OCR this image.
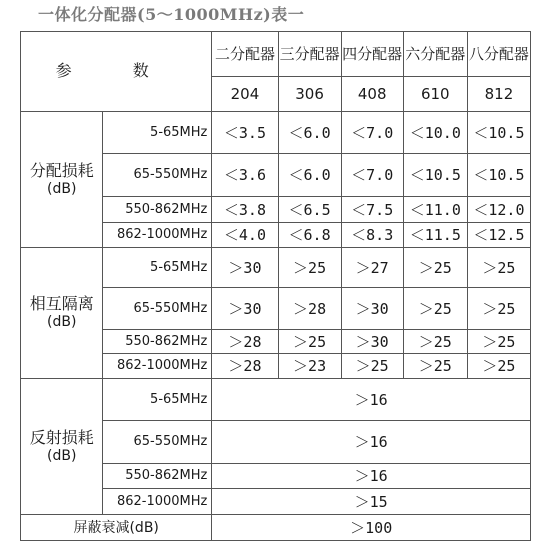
一体化分配器(5～1000MHz)表一
参 数		二分配器	三分配器	四分配器	六分配器	八分配器
		204	306	408	610	812

分配损耗
(dB)	5-65MHz	＜3.5	＜6.0	＜7.0	＜10.0	＜10.5
	65-550MHz	＜3.6	＜6.0	＜7.0	＜10.5	＜10.5
	550-862MHz	＜3.8	＜6.5	＜7.5	＜11.0	＜12.0
	862-1000MHz	＜4.0	＜6.8	＜8.3	＜11.5	＜12.5

相互隔离
(dB)	5-65MHz	＞30	＞25	＞27	＞25	＞25
	65-550MHz	＞30	＞28	＞30	＞25	＞25
	550-862MHz	＞28	＞25	＞30	＞25	＞25
	862-1000MHz	＞28	＞23	＞25	＞25	＞25

反射损耗
(dB)	5-65MHz	＞16				
	65-550MHz	＞16				
	550-862MHz	＞16				
	862-1000MHz	＞15				
屏蔽衰减(dB)		＞100				
